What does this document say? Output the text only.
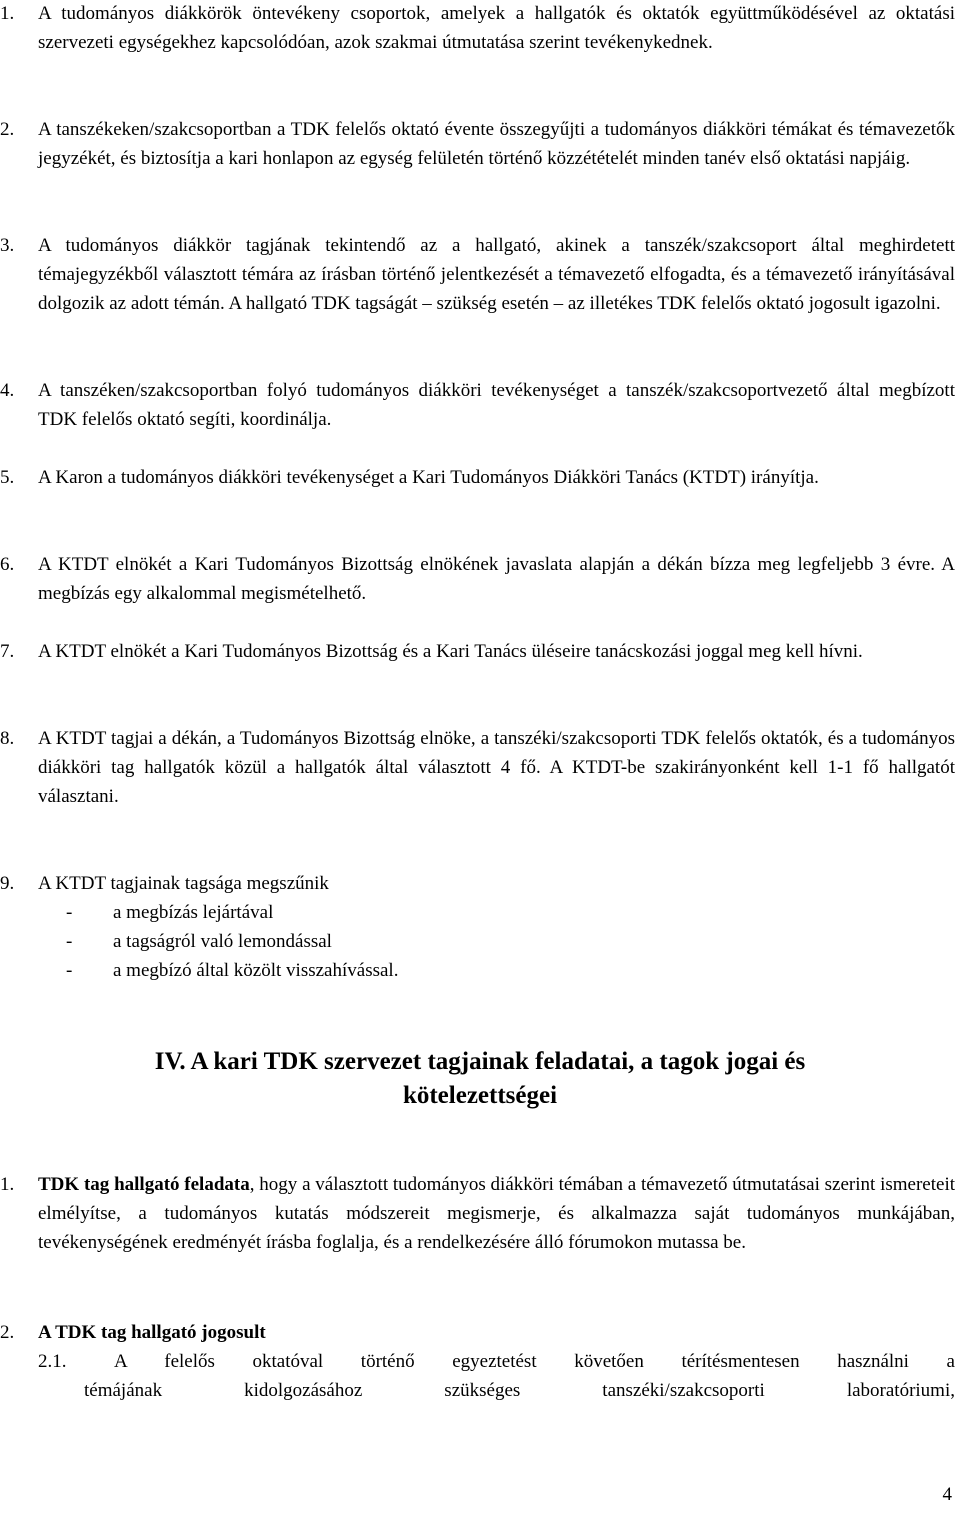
1. A tudományos diákkörök öntevékeny csoportok, amelyek a hallgatók és oktatók együttműködésével az oktatási szervezeti egységekhez kapcsolódóan, azok szakmai útmutatása szerint tevékenykednek.
2. A tanszékeken/szakcsoportban a TDK felelős oktató évente összegyűjti a tudományos diákköri témákat és témavezetők jegyzékét, és biztosítja a kari honlapon az egység felületén történő közzétételét minden tanév első oktatási napjáig.
3. A tudományos diákkör tagjának tekintendő az a hallgató, akinek a tanszék/szakcsoport által meghirdetett témajegyzékből választott témára az írásban történő jelentkezését a témavezető elfogadta, és a témavezető irányításával dolgozik az adott témán. A hallgató TDK tagságát – szükség esetén – az illetékes TDK felelős oktató jogosult igazolni.
4. A tanszéken/szakcsoportban folyó tudományos diákköri tevékenységet a tanszék/szakcsoportvezető által megbízott TDK felelős oktató segíti, koordinálja.
5. A Karon a tudományos diákköri tevékenységet a Kari Tudományos Diákköri Tanács (KTDT) irányítja.
6. A KTDT elnökét a Kari Tudományos Bizottság elnökének javaslata alapján a dékán bízza meg legfeljebb 3 évre. A megbízás egy alkalommal megismételhető.
7. A KTDT elnökét a Kari Tudományos Bizottság és a Kari Tanács üléseire tanácskozási joggal meg kell hívni.
8. A KTDT tagjai a dékán, a Tudományos Bizottság elnöke, a tanszéki/szakcsoporti TDK felelős oktatók, és a tudományos diákköri tag hallgatók közül a hallgatók által választott 4 fő. A KTDT-be szakirányonként kell 1-1 fő hallgatót választani.
9. A KTDT tagjainak tagsága megszűnik
-	a megbízás lejártával
-	a tagságról való lemondással
-	a megbízó által közölt visszahívással.
IV. A kari TDK szervezet tagjainak feladatai, a tagok jogai és
kötelezettségei
1. TDK tag hallgató feladata, hogy a választott tudományos diákköri témában a témavezető útmutatásai szerint ismereteit elmélyítse, a tudományos kutatás módszereit megismerje, és alkalmazza saját tudományos munkájában, tevékenységének eredményét írásba foglalja, és a rendelkezésére álló fórumokon mutassa be.
2. A TDK tag hallgató jogosult
2.1.	A felelős oktatóval történő egyeztetést követően térítésmentesen használni a
témájának kidolgozásához szükséges tanszéki/szakcsoporti laboratóriumi,
4
